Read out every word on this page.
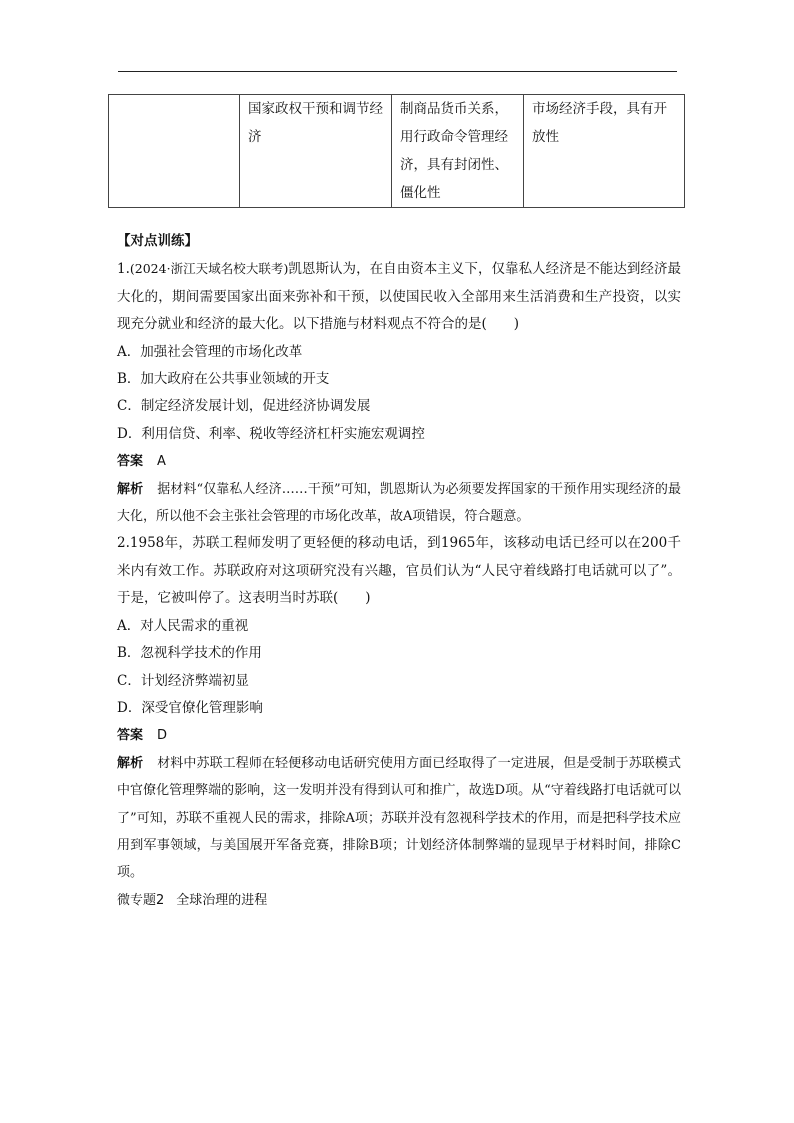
	国家政权干预和调节经济	制商品货币关系，用行政命令管理经济，具有封闭性、僵化性	市场经济手段，具有开放性

【对点训练】

1.(2024·浙江天域名校大联考)凯恩斯认为，在自由资本主义下，仅靠私人经济是不能达到经济最大化的，期间需要国家出面来弥补和干预，以使国民收入全部用来生活消费和生产投资，以实现充分就业和经济的最大化。以下措施与材料观点不符合的是(　　)

A．加强社会管理的市场化改革

B．加大政府在公共事业领域的开支

C．制定经济发展计划，促进经济协调发展

D．利用信贷、利率、税收等经济杠杆实施宏观调控

答案 A

解析 据材料“仅靠私人经济……干预”可知，凯恩斯认为必须要发挥国家的干预作用实现经济的最大化，所以他不会主张社会管理的市场化改革，故A项错误，符合题意。

2.1958年，苏联工程师发明了更轻便的移动电话，到1965年，该移动电话已经可以在200千米内有效工作。苏联政府对这项研究没有兴趣，官员们认为“人民守着线路打电话就可以了”。于是，它被叫停了。这表明当时苏联(　　)

A．对人民需求的重视

B．忽视科学技术的作用

C．计划经济弊端初显

D．深受官僚化管理影响

答案 D

解析 材料中苏联工程师在轻便移动电话研究使用方面已经取得了一定进展，但是受制于苏联模式中官僚化管理弊端的影响，这一发明并没有得到认可和推广，故选D项。从“守着线路打电话就可以了”可知，苏联不重视人民的需求，排除A项；苏联并没有忽视科学技术的作用，而是把科学技术应用到军事领域，与美国展开军备竞赛，排除B项；计划经济体制弊端的显现早于材料时间，排除C项。

微专题2 全球治理的进程
